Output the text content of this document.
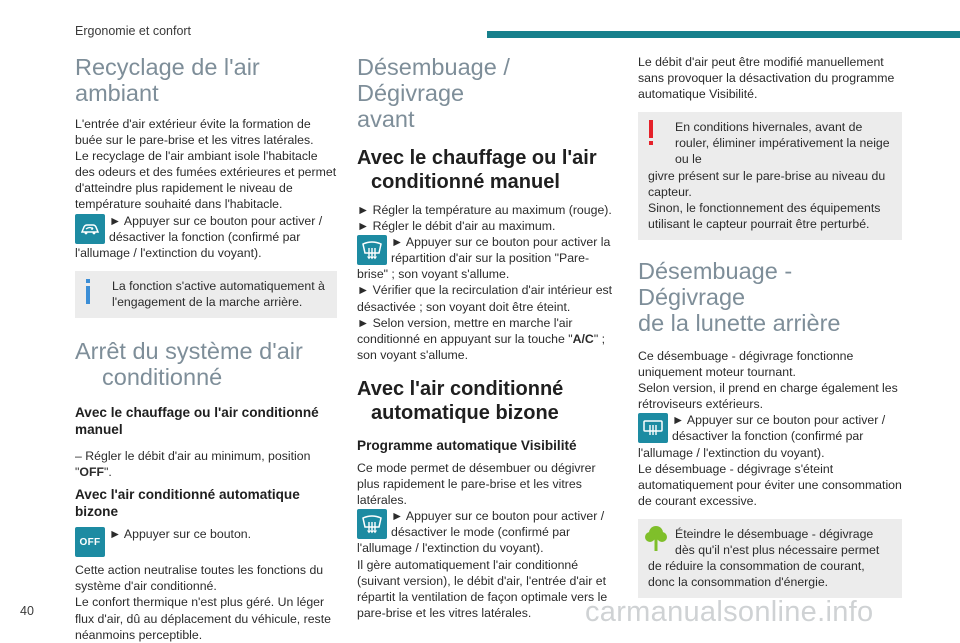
Ergonomie et confort
Recyclage de l'air
ambiant

L'entrée d'air extérieur évite la formation de buée sur le pare-brise et les vitres latérales.

Le recyclage de l'air ambiant isole l'habitacle des odeurs et des fumées extérieures et permet d'atteindre plus rapidement le niveau de température souhaité dans l'habitacle.

► Appuyer sur ce bouton pour activer / désactiver la fonction (confirmé par

l'allumage / l'extinction du voyant).

La fonction s'active automatiquement à
l'engagement de la marche arrière.
Arrêt du système d'air
conditionné

Avec le chauffage ou l'air conditionné manuel

– Régler le débit d'air au minimum, position "OFF".

Avec l'air conditionné automatique bizone

OFF

► Appuyer sur ce bouton.

Cette action neutralise toutes les fonctions du système d'air conditionné.

Le confort thermique n'est plus géré. Un léger flux d'air, dû au déplacement du véhicule, reste néanmoins perceptible.

Désembuage / Dégivrage
avant
Avec le chauffage ou l'air
conditionné manuel

► Régler la température au maximum (rouge).

► Régler le débit d'air au maximum.

► Appuyer sur ce bouton pour activer la répartition d'air sur la position "Pare-

brise" ; son voyant s'allume.

► Vérifier que la recirculation d'air intérieur est désactivée ; son voyant doit être éteint.

► Selon version, mettre en marche l'air conditionné en appuyant sur la touche "A/C" ; son voyant s'allume.

Avec l'air conditionné
automatique bizone

Programme automatique Visibilité

Ce mode permet de désembuer ou dégivrer plus rapidement le pare-brise et les vitres latérales.

► Appuyer sur ce bouton pour activer / désactiver le mode (confirmé par

l'allumage / l'extinction du voyant).

Il gère automatiquement l'air conditionné (suivant version), le débit d'air, l'entrée d'air et répartit la ventilation de façon optimale vers le pare-brise et les vitres latérales.

Le débit d'air peut être modifié manuellement sans provoquer la désactivation du programme automatique Visibilité.

En conditions hivernales, avant de rouler, éliminer impérativement la neige ou le
givre présent sur le pare-brise au niveau du capteur.
Sinon, le fonctionnement des équipements utilisant le capteur pourrait être perturbé.
Désembuage - Dégivrage
de la lunette arrière

Ce désembuage - dégivrage fonctionne uniquement moteur tournant.

Selon version, il prend en charge également les rétroviseurs extérieurs.

► Appuyer sur ce bouton pour activer / désactiver la fonction (confirmé par

l'allumage / l'extinction du voyant).

Le désembuage - dégivrage s'éteint automatiquement pour éviter une consommation de courant excessive.

Éteindre le désembuage - dégivrage dès qu'il n'est plus nécessaire permet
de réduire la consommation de courant, donc la consommation d'énergie.
40	carmanualsonline.info
